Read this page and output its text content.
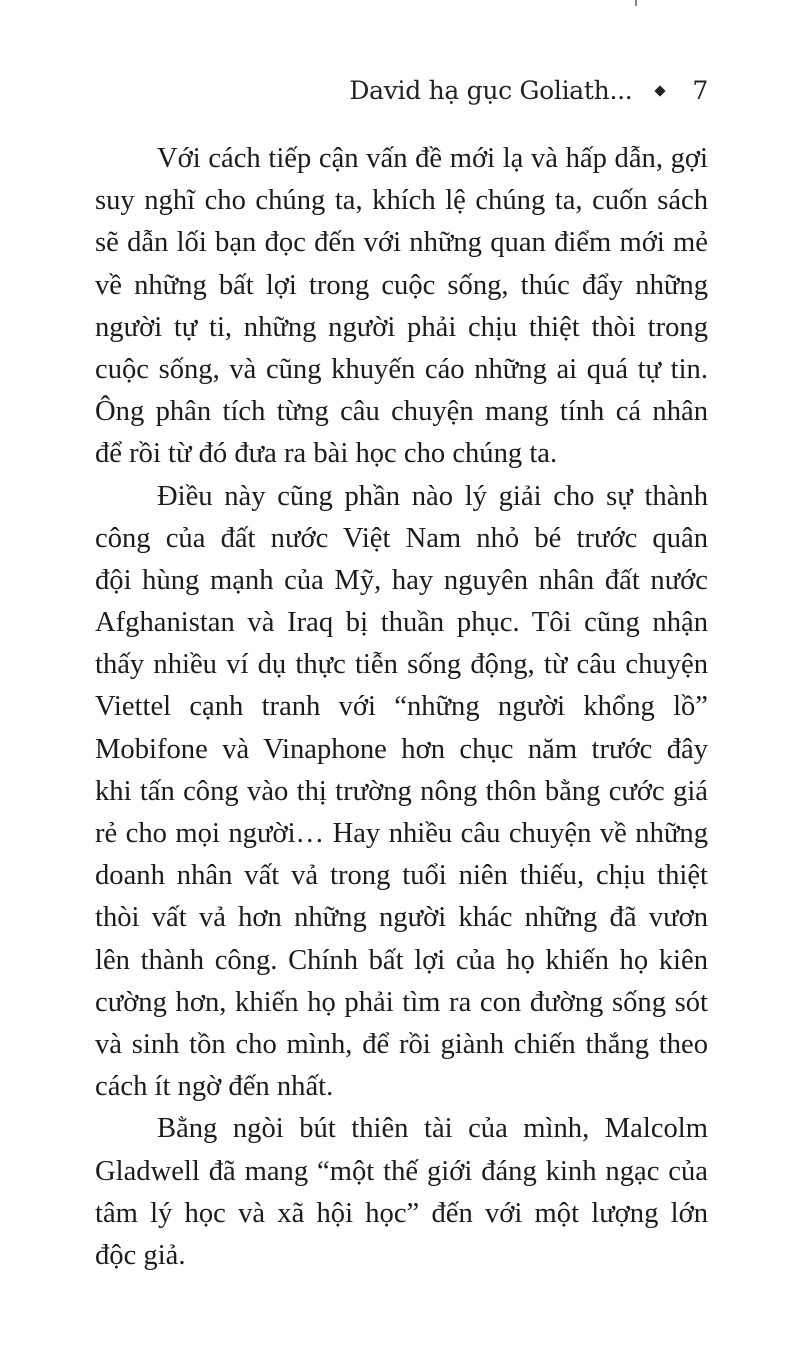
David hạ gục Goliath... 7
Với cách tiếp cận vấn đề mới lạ và hấp dẫn, gợi
suy nghĩ cho chúng ta, khích lệ chúng ta, cuốn sách
sẽ dẫn lối bạn đọc đến với những quan điểm mới mẻ
về những bất lợi trong cuộc sống, thúc đẩy những
người tự ti, những người phải chịu thiệt thòi trong
cuộc sống, và cũng khuyến cáo những ai quá tự tin.
Ông phân tích từng câu chuyện mang tính cá nhân
để rồi từ đó đưa ra bài học cho chúng ta.
Điều này cũng phần nào lý giải cho sự thành
công của đất nước Việt Nam nhỏ bé trước quân
đội hùng mạnh của Mỹ, hay nguyên nhân đất nước
Afghanistan và Iraq bị thuần phục. Tôi cũng nhận
thấy nhiều ví dụ thực tiễn sống động, từ câu chuyện
Viettel cạnh tranh với “những người khổng lồ”
Mobifone và Vinaphone hơn chục năm trước đây
khi tấn công vào thị trường nông thôn bằng cước giá
rẻ cho mọi người… Hay nhiều câu chuyện về những
doanh nhân vất vả trong tuổi niên thiếu, chịu thiệt
thòi vất vả hơn những người khác những đã vươn
lên thành công. Chính bất lợi của họ khiến họ kiên
cường hơn, khiến họ phải tìm ra con đường sống sót
và sinh tồn cho mình, để rồi giành chiến thắng theo
cách ít ngờ đến nhất.
Bằng ngòi bút thiên tài của mình, Malcolm
Gladwell đã mang “một thế giới đáng kinh ngạc của
tâm lý học và xã hội học” đến với một lượng lớn
độc giả.
